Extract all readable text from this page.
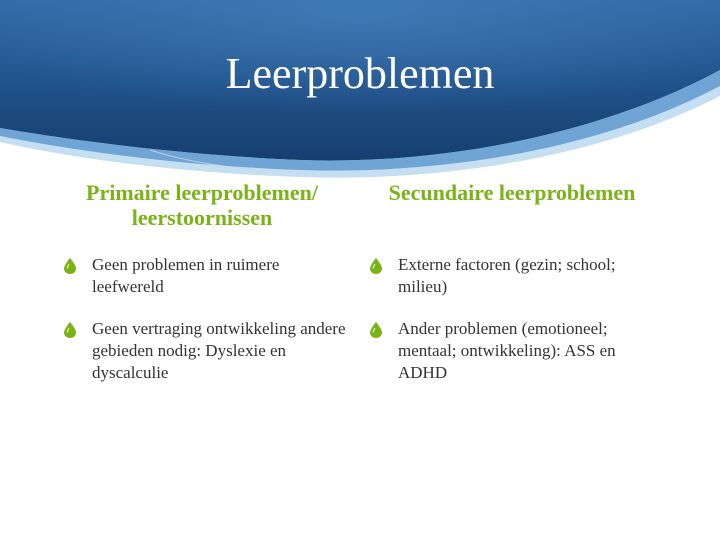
Leerproblemen
Primaire leerproblemen/
leerstoornissen
Secundaire leerproblemen
Geen problemen in ruimere leefwereld
Geen vertraging ontwikkeling andere gebieden nodig: Dyslexie en dyscalculie
Externe factoren (gezin; school; milieu)
Ander problemen (emotioneel; mentaal; ontwikkeling): ASS en ADHD
